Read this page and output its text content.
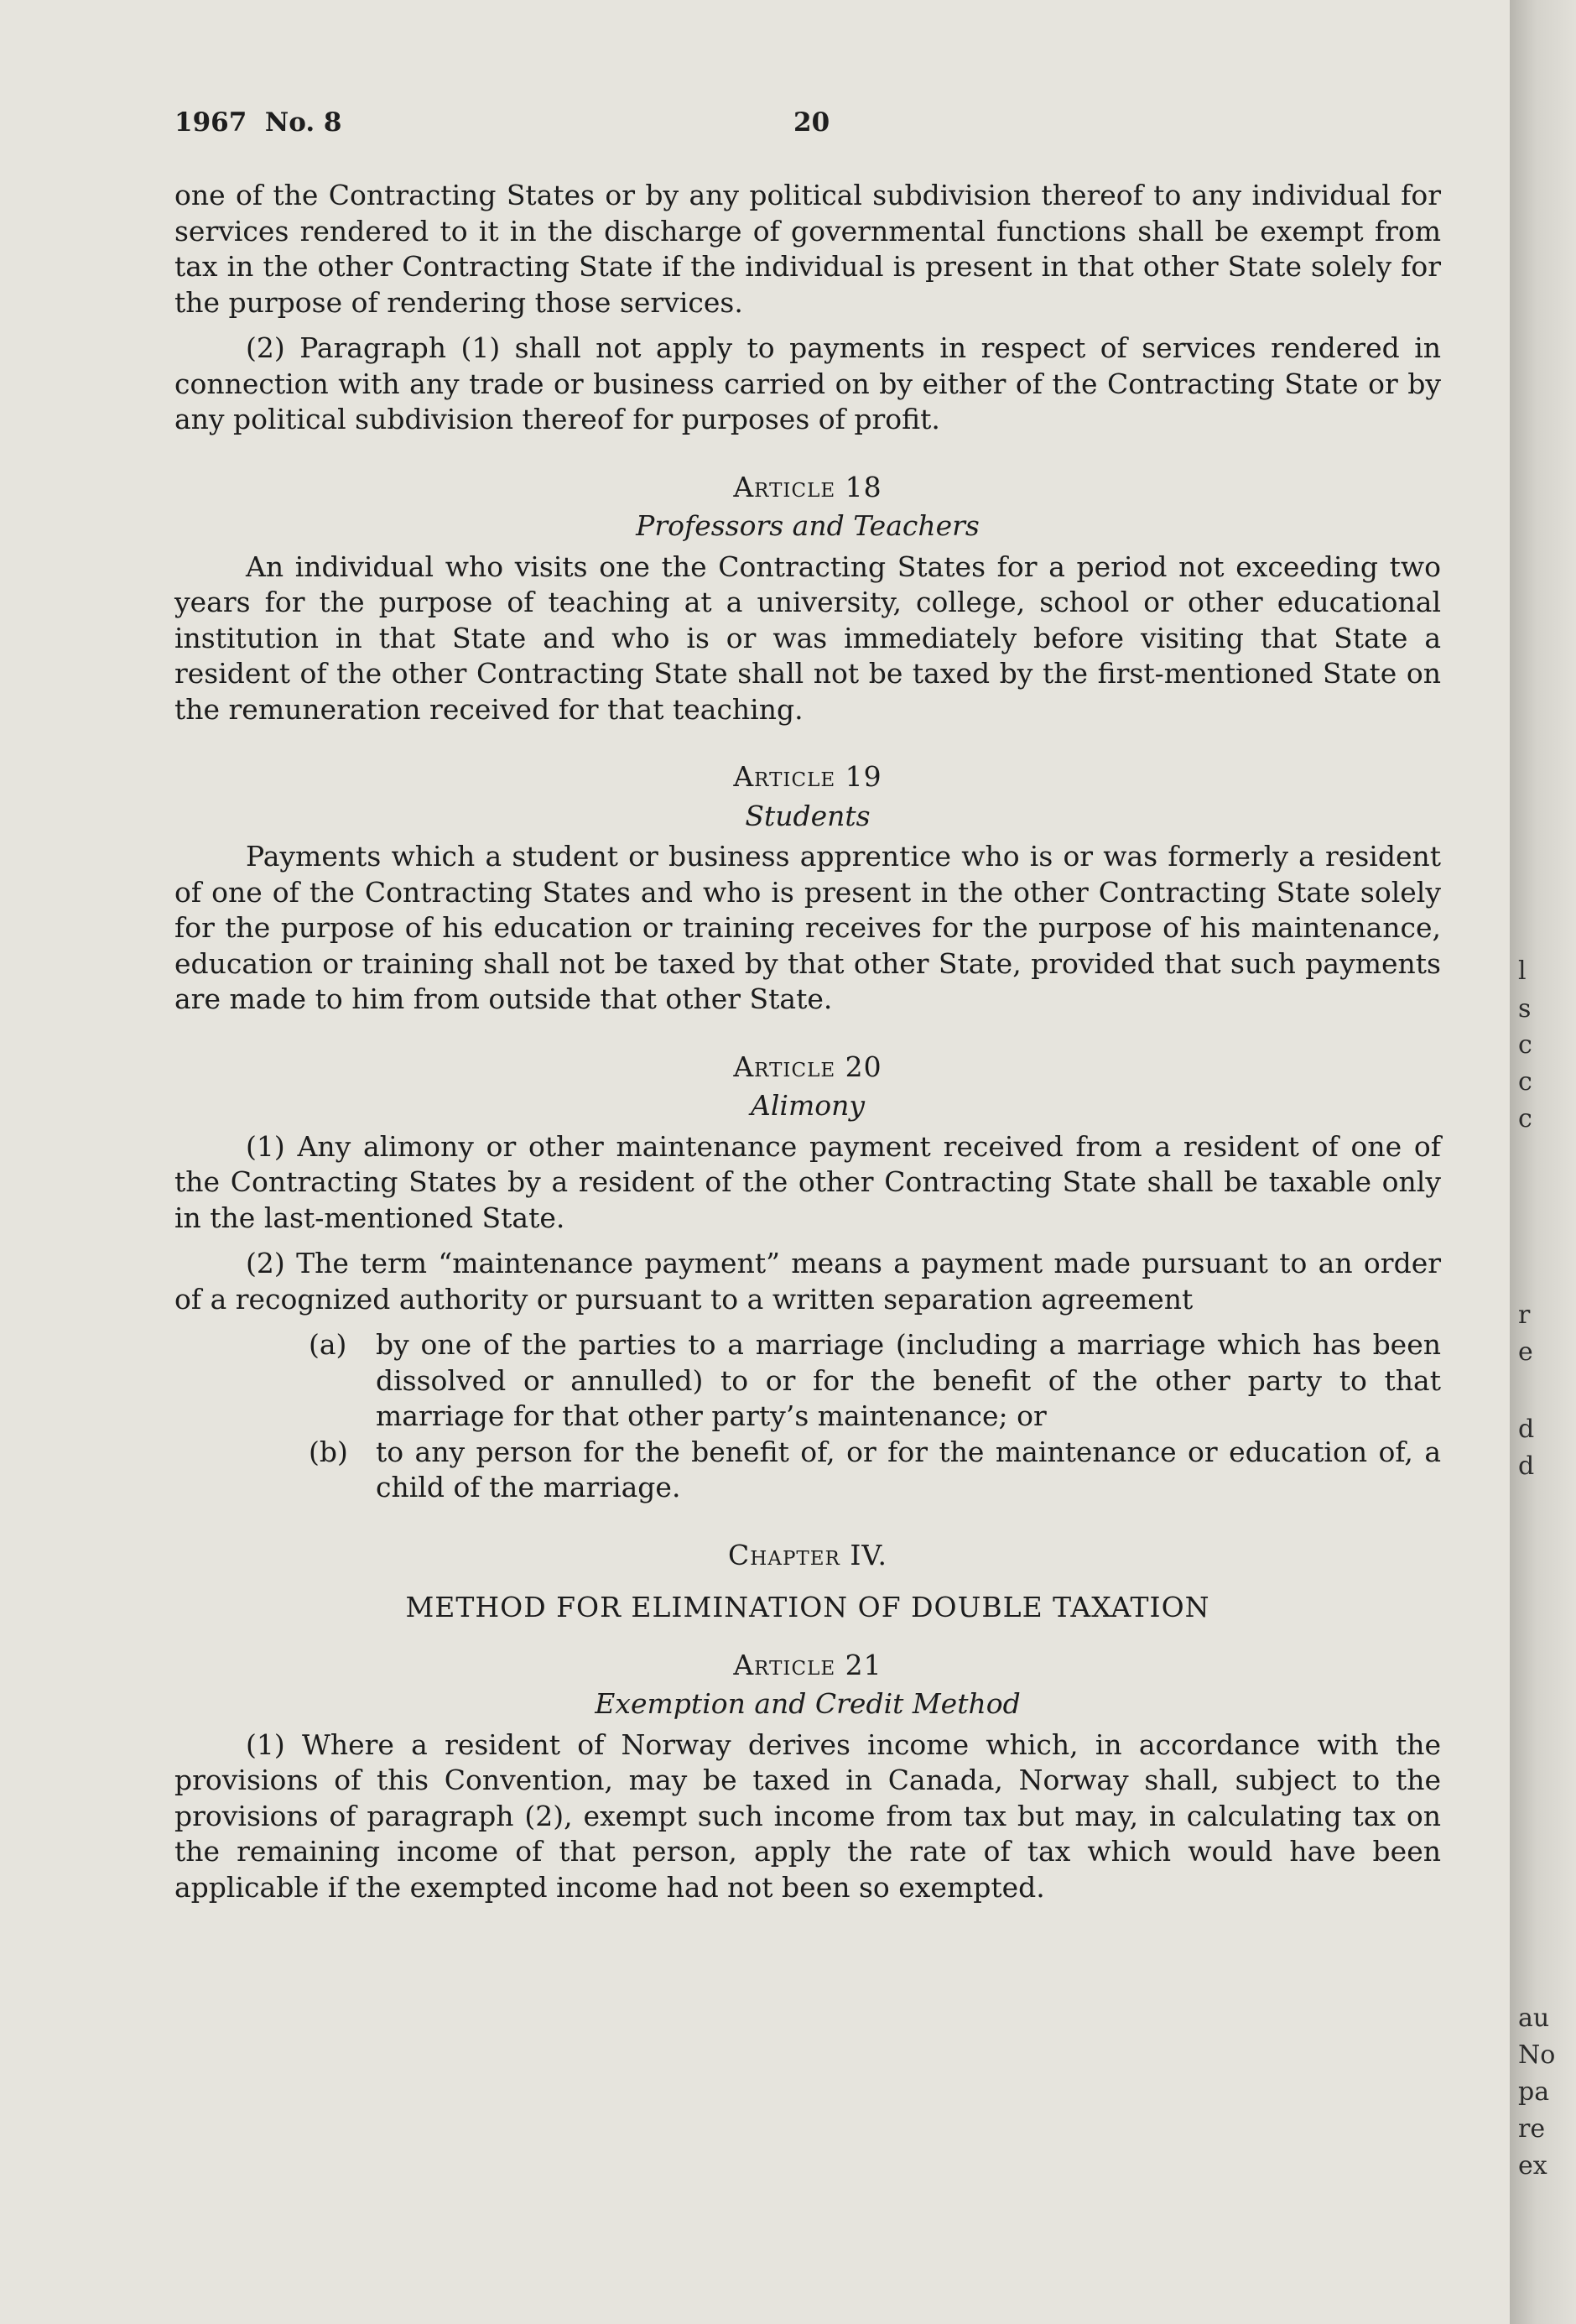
1967  No. 8	20

one of the Contracting States or by any political subdivision thereof to any individual for services rendered to it in the discharge of governmental functions shall be exempt from tax in the other Contracting State if the individual is present in that other State solely for the purpose of rendering those services.

(2) Paragraph (1) shall not apply to payments in respect of services rendered in connection with any trade or business carried on by either of the Contracting State or by any political subdivision thereof for purposes of profit.

Article 18
Professors and Teachers

An individual who visits one the Contracting States for a period not exceeding two years for the purpose of teaching at a university, college, school or other educational institution in that State and who is or was immediately before visiting that State a resident of the other Contracting State shall not be taxed by the first-mentioned State on the remuneration received for that teaching.

Article 19
Students

Payments which a student or business apprentice who is or was formerly a resident of one of the Contracting States and who is present in the other Contracting State solely for the purpose of his education or training receives for the purpose of his maintenance, education or training shall not be taxed by that other State, provided that such payments are made to him from outside that other State.

Article 20
Alimony

(1) Any alimony or other maintenance payment received from a resident of one of the Contracting States by a resident of the other Contracting State shall be taxable only in the last-mentioned State.

(2) The term “maintenance payment” means a payment made pursuant to an order of a recognized authority or pursuant to a written separation agreement

(a)	by one of the parties to a marriage (including a marriage which has been dissolved or annulled) to or for the benefit of the other party to that marriage for that other party’s maintenance; or
(b)	to any person for the benefit of, or for the maintenance or education of, a child of the marriage.
Chapter IV.
METHOD FOR ELIMINATION OF DOUBLE TAXATION
Article 21
Exemption and Credit Method

(1) Where a resident of Norway derives income which, in accordance with the provisions of this Convention, may be taxed in Canada, Norway shall, subject to the provisions of paragraph (2), exempt such income from tax but may, in calculating tax on the remaining income of that person, apply the rate of tax which would have been applicable if the exempted income had not been so exempted.

l
s
c
c
c
r
e
d
d
au
No
pa
re
ex
